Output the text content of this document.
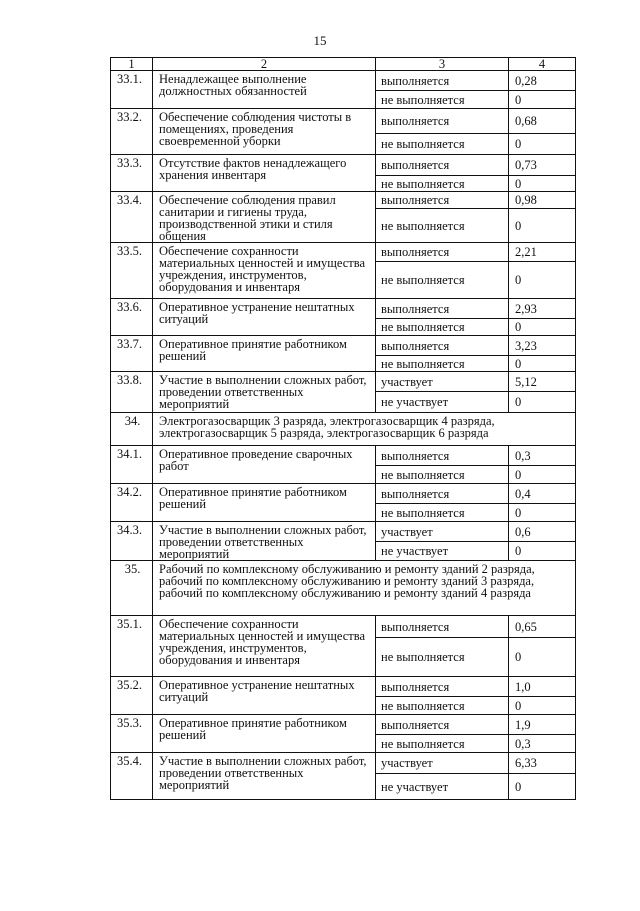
15
1	2	3	4
33.1.	Ненадлежащее выполнение должностных обязанностей	выполняется	0,28
		не выполняется	0
33.2.	Обеспечение соблюдения чистоты в помещениях, проведения своевременной уборки	выполняется	0,68
		не выполняется	0
33.3.	Отсутствие фактов ненадлежащего хранения инвентаря	выполняется	0,73
		не выполняется	0
33.4.	Обеспечение соблюдения правил санитарии и гигиены труда, производственной этики и стиля общения	выполняется	0,98
		не выполняется	0
33.5.	Обеспечение сохранности материальных ценностей и имущества учреждения, инструментов, оборудования и инвентаря	выполняется	2,21
		не выполняется	0
33.6.	Оперативное устранение нештатных ситуаций	выполняется	2,93
		не выполняется	0
33.7.	Оперативное принятие работником решений	выполняется	3,23
		не выполняется	0
33.8.	Участие в выполнении сложных работ, проведении ответственных мероприятий	участвует	5,12
		не участвует	0
34.	Электрогазосварщик 3 разряда, электрогазосварщик 4 разряда, электрогазосварщик 5 разряда, электрогазосварщик 6 разряда		
34.1.	Оперативное проведение сварочных работ	выполняется	0,3
		не выполняется	0
34.2.	Оперативное принятие работником решений	выполняется	0,4
		не выполняется	0
34.3.	Участие в выполнении сложных работ, проведении ответственных мероприятий	участвует	0,6
		не участвует	0
35.	Рабочий по комплексному обслуживанию и ремонту зданий 2 разряда, рабочий по комплексному обслуживанию и ремонту зданий 3 разряда, рабочий по комплексному обслуживанию и ремонту зданий 4 разряда		
35.1.	Обеспечение сохранности материальных ценностей и имущества учреждения, инструментов, оборудования и инвентаря	выполняется	0,65
		не выполняется	0
35.2.	Оперативное устранение нештатных ситуаций	выполняется	1,0
		не выполняется	0
35.3.	Оперативное принятие работником решений	выполняется	1,9
		не выполняется	0,3
35.4.	Участие в выполнении сложных работ, проведении ответственных мероприятий	участвует	6,33
		не участвует	0
